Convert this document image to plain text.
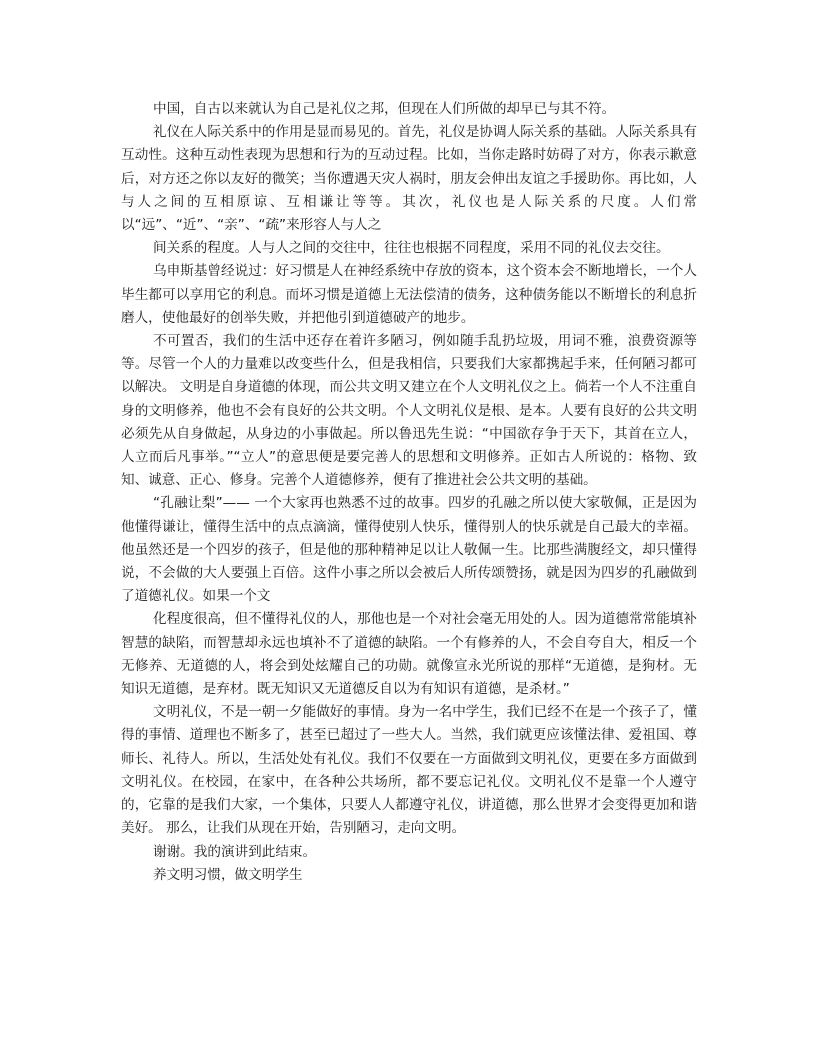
中国，自古以来就认为自己是礼仪之邦，但现在人们所做的却早已与其不符。

礼仪在人际关系中的作用是显而易见的。首先，礼仪是协调人际关系的基础。人际关系具有互动性。这种互动性表现为思想和行为的互动过程。比如，当你走路时妨碍了对方，你表示歉意后，对方还之你以友好的微笑；当你遭遇天灾人祸时，朋友会伸出友谊之手援助你。再比如，人与人之间的互相原谅、互相谦让等等。其次，礼仪也是人际关系的尺度。人们常以“远”、“近”、“亲”、“疏”来形容人与人之

间关系的程度。人与人之间的交往中，往往也根据不同程度，采用不同的礼仪去交往。

乌申斯基曾经说过：好习惯是人在神经系统中存放的资本，这个资本会不断地增长，一个人毕生都可以享用它的利息。而坏习惯是道德上无法偿清的债务，这种债务能以不断增长的利息折磨人，使他最好的创举失败，并把他引到道德破产的地步。

不可置否，我们的生活中还存在着许多陋习，例如随手乱扔垃圾，用词不雅，浪费资源等等。尽管一个人的力量难以改变些什么，但是我相信，只要我们大家都携起手来，任何陋习都可以解决。 文明是自身道德的体现，而公共文明又建立在个人文明礼仪之上。倘若一个人不注重自身的文明修养，他也不会有良好的公共文明。个人文明礼仪是根、是本。人要有良好的公共文明必须先从自身做起，从身边的小事做起。所以鲁迅先生说：“中国欲存争于天下，其首在立人，人立而后凡事举。”“立人”的意思便是要完善人的思想和文明修养。正如古人所说的：格物、致知、诚意、正心、修身。完善个人道德修养，便有了推进社会公共文明的基础。

“孔融让梨”—— 一个大家再也熟悉不过的故事。四岁的孔融之所以使大家敬佩，正是因为他懂得谦让，懂得生活中的点点滴滴，懂得使别人快乐，懂得别人的快乐就是自己最大的幸福。他虽然还是一个四岁的孩子，但是他的那种精神足以让人敬佩一生。比那些满腹经文，却只懂得说，不会做的大人要强上百倍。这件小事之所以会被后人所传颂赞扬，就是因为四岁的孔融做到了道德礼仪。如果一个文

化程度很高，但不懂得礼仪的人，那他也是一个对社会毫无用处的人。因为道德常常能填补智慧的缺陷，而智慧却永远也填补不了道德的缺陷。一个有修养的人，不会自夸自大，相反一个无修养、无道德的人，将会到处炫耀自己的功勋。就像宣永光所说的那样“无道德，是狗材。无知识无道德，是弃材。既无知识又无道德反自以为有知识有道德，是杀材。”

文明礼仪，不是一朝一夕能做好的事情。身为一名中学生，我们已经不在是一个孩子了，懂得的事情、道理也不断多了，甚至已超过了一些大人。当然，我们就更应该懂法律、爱祖国、尊师长、礼待人。所以，生活处处有礼仪。我们不仅要在一方面做到文明礼仪，更要在多方面做到文明礼仪。在校园，在家中，在各种公共场所，都不要忘记礼仪。文明礼仪不是靠一个人遵守的，它靠的是我们大家，一个集体，只要人人都遵守礼仪，讲道德，那么世界才会变得更加和谐美好。 那么，让我们从现在开始，告别陋习，走向文明。

谢谢。我的演讲到此结束。

养文明习惯，做文明学生
